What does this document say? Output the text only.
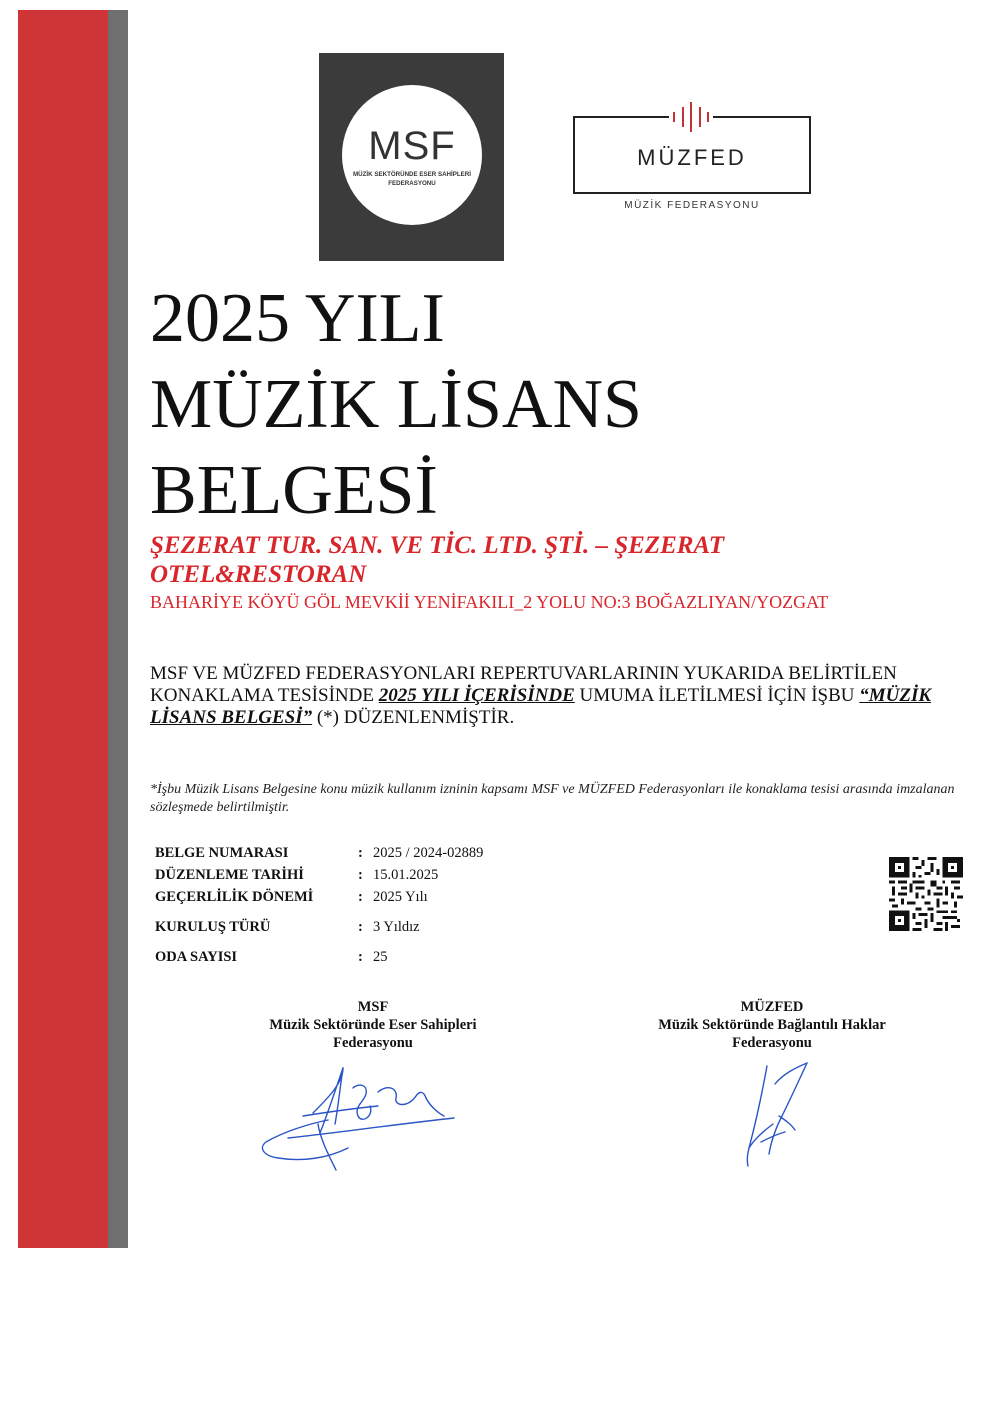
MSF
MÜZİK SEKTÖRÜNDE ESER SAHİPLERİ
FEDERASYONU
MÜZFED
MÜZİK FEDERASYONU
2025 YILI
MÜZİK LİSANS
BELGESİ
ŞEZERAT TUR. SAN. VE TİC. LTD. ŞTİ. – ŞEZERAT OTEL&RESTORAN
BAHARİYE KÖYÜ GÖL MEVKİİ YENİFAKILI_2 YOLU NO:3 BOĞAZLIYAN/YOZGAT
MSF VE MÜZFED FEDERASYONLARI REPERTUVARLARININ YUKARIDA BELİRTİLEN KONAKLAMA TESİSİNDE 2025 YILI İÇERİSİNDE UMUMA İLETİLMESİ İÇİN İŞBU “MÜZİK LİSANS BELGESİ” (*) DÜZENLENMİŞTİR.
*İşbu Müzik Lisans Belgesine konu müzik kullanım izninin kapsamı MSF ve MÜZFED Federasyonları ile konaklama tesisi arasında imzalanan sözleşmede belirtilmiştir.
BELGE NUMARASI	: 2025 / 2024-02889
DÜZENLEME TARİHİ	: 15.01.2025
GEÇERLİLİK DÖNEMİ	: 2025 Yılı
KURULUŞ TÜRÜ	: 3 Yıldız
ODA SAYISI	: 25
MSF
Müzik Sektöründe Eser Sahipleri
Federasyonu
MÜZFED
Müzik Sektöründe Bağlantılı Haklar
Federasyonu
